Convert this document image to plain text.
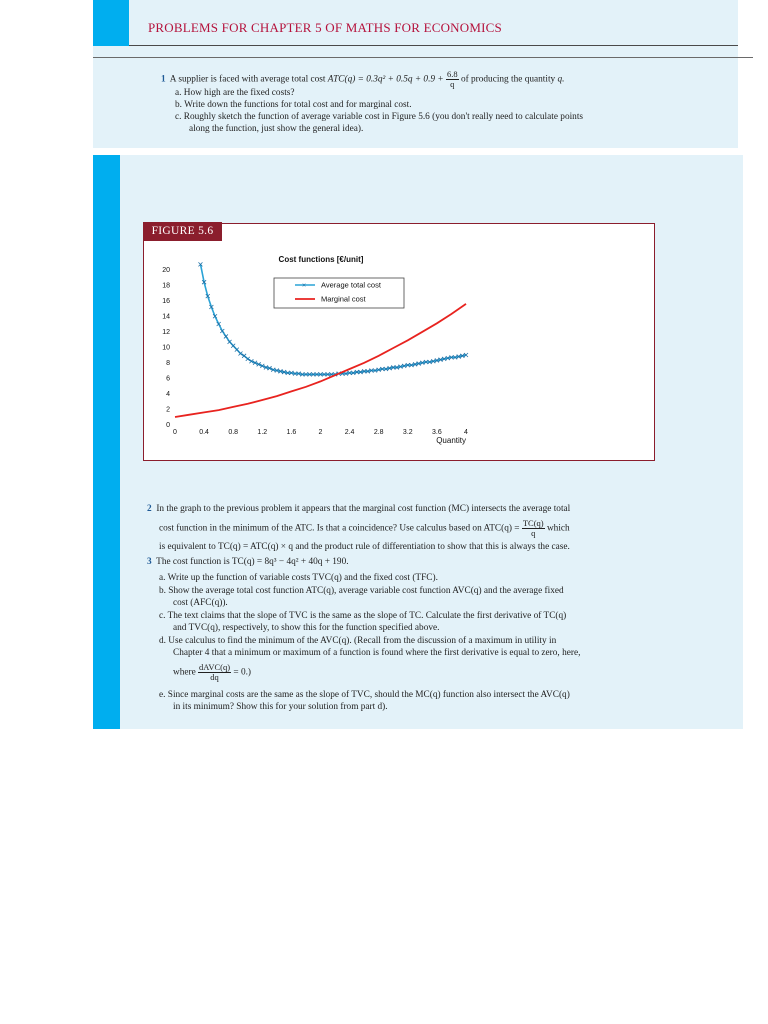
PROBLEMS FOR CHAPTER 5 OF MATHS FOR ECONOMICS
1 A supplier is faced with average total cost $ATC(q) = 0.3q^2 + 0.5q + 0.9 + \frac{6.8}{q}$ of producing the quantity q.
a. How high are the fixed costs?
b. Write down the functions for total cost and for marginal cost.
c. Roughly sketch the function of average variable cost in Figure 5.6 (you don't really need to calculate points
along the function, just show the general idea).
FIGURE 5.6
Cost functions [€/unit]
0
2
4
6
8
10
12
14
16
18
20
0	0.4	0.8	1.2	1.6	2	2.4	2.8	3.2	3.6	4
Quantity
× Average total cost
Marginal cost
2 In the graph to the previous problem it appears that the marginal cost function (MC) intersects the average total
cost function in the minimum of the ATC. Is that a coincidence? Use calculus based on $ATC(q) = \frac{TC(q)}{q}$ which
is equivalent to TC(q) = ATC(q) × q and the product rule of differentiation to show that this is always the case.
3 The cost function is TC(q) = 8q³ − 4q² + 40q + 190.
a. Write up the function of variable costs TVC(q) and the fixed cost (TFC).
b. Show the average total cost function ATC(q), average variable cost function AVC(q) and the average fixed
cost (AFC(q)).
c. The text claims that the slope of TVC is the same as the slope of TC. Calculate the first derivative of TC(q)
and TVC(q), respectively, to show this for the function specified above.
d. Use calculus to find the minimum of the AVC(q). (Recall from the discussion of a maximum in utility in
Chapter 4 that a minimum or maximum of a function is found where the first derivative is equal to zero, here,
where $\frac{\text{dAVC(q)}}{dq} = 0$.)
e. Since marginal costs are the same as the slope of TVC, should the MC(q) function also intersect the AVC(q)
in its minimum? Show this for your solution from part d).
